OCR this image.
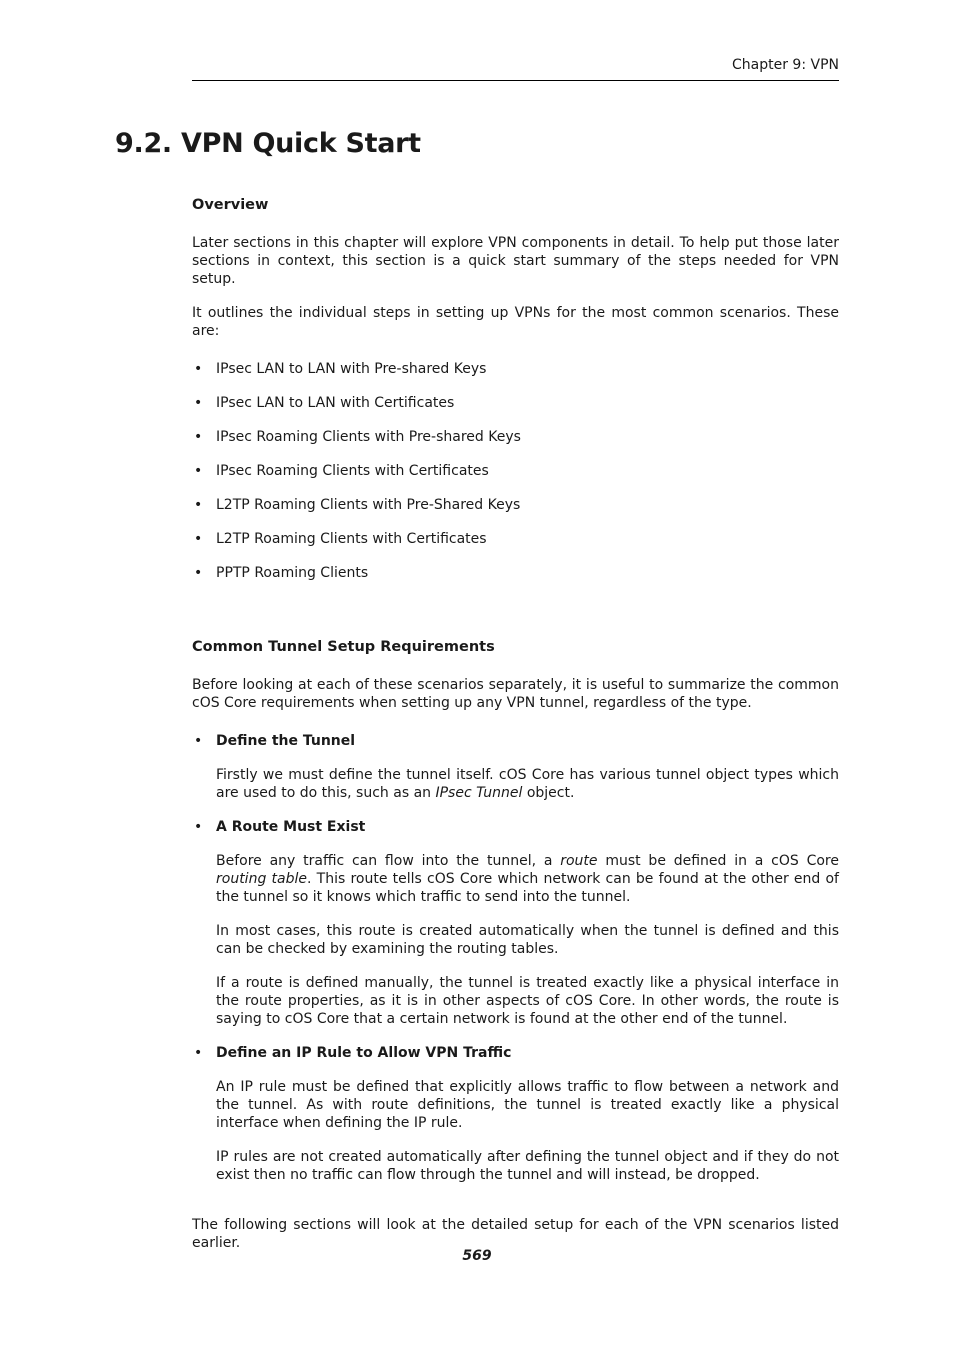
Chapter 9: VPN
9.2. VPN Quick Start
Overview

Later sections in this chapter will explore VPN components in detail. To help put those later sections in context, this section is a quick start summary of the steps needed for VPN setup.

It outlines the individual steps in setting up VPNs for the most common scenarios. These are:

• IPsec LAN to LAN with Pre-shared Keys
• IPsec LAN to LAN with Certificates
• IPsec Roaming Clients with Pre-shared Keys
• IPsec Roaming Clients with Certificates
• L2TP Roaming Clients with Pre-Shared Keys
• L2TP Roaming Clients with Certificates
• PPTP Roaming Clients
Common Tunnel Setup Requirements

Before looking at each of these scenarios separately, it is useful to summarize the common cOS Core requirements when setting up any VPN tunnel, regardless of the type.

• Define the Tunnel

Firstly we must define the tunnel itself. cOS Core has various tunnel object types which are used to do this, such as an IPsec Tunnel object.

• A Route Must Exist

Before any traffic can flow into the tunnel, a route must be defined in a cOS Core routing table. This route tells cOS Core which network can be found at the other end of the tunnel so it knows which traffic to send into the tunnel.

In most cases, this route is created automatically when the tunnel is defined and this can be checked by examining the routing tables.

If a route is defined manually, the tunnel is treated exactly like a physical interface in the route properties, as it is in other aspects of cOS Core. In other words, the route is saying to cOS Core that a certain network is found at the other end of the tunnel.

• Define an IP Rule to Allow VPN Traffic

An IP rule must be defined that explicitly allows traffic to flow between a network and the tunnel. As with route definitions, the tunnel is treated exactly like a physical interface when defining the IP rule.

IP rules are not created automatically after defining the tunnel object and if they do not exist then no traffic can flow through the tunnel and will instead, be dropped.

The following sections will look at the detailed setup for each of the VPN scenarios listed earlier.

569
